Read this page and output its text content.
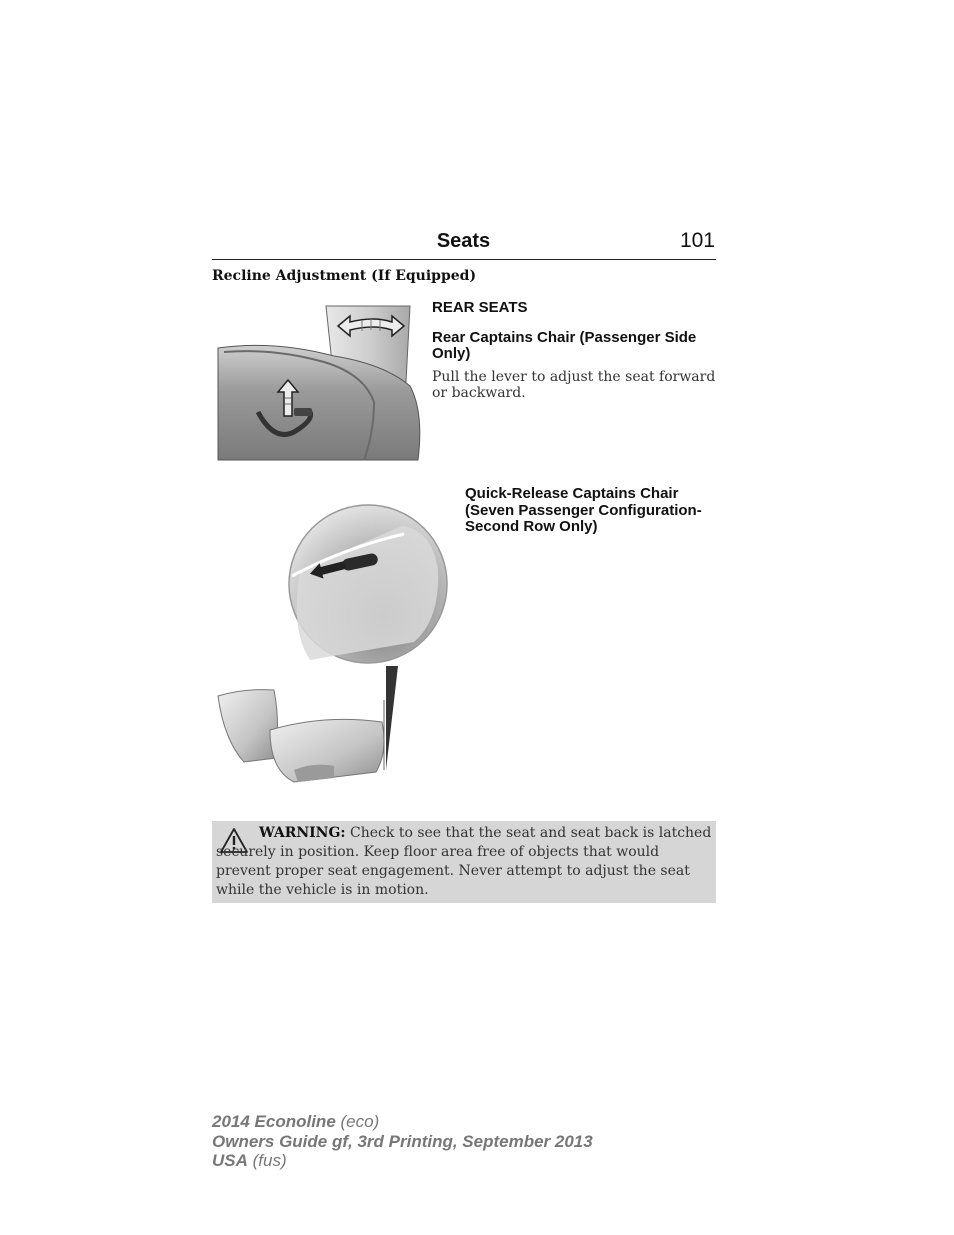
Seats	101
Recline Adjustment (If Equipped)
REAR SEATS
Rear Captains Chair (Passenger Side Only)
Pull the lever to adjust the seat forward or backward.
Quick-Release Captains Chair (Seven Passenger Configuration-Second Row Only)
WARNING: Check to see that the seat and seat back is latched securely in position. Keep floor area free of objects that would prevent proper seat engagement. Never attempt to adjust the seat while the vehicle is in motion.
2014 Econoline (eco)
Owners Guide gf, 3rd Printing, September 2013
USA (fus)
